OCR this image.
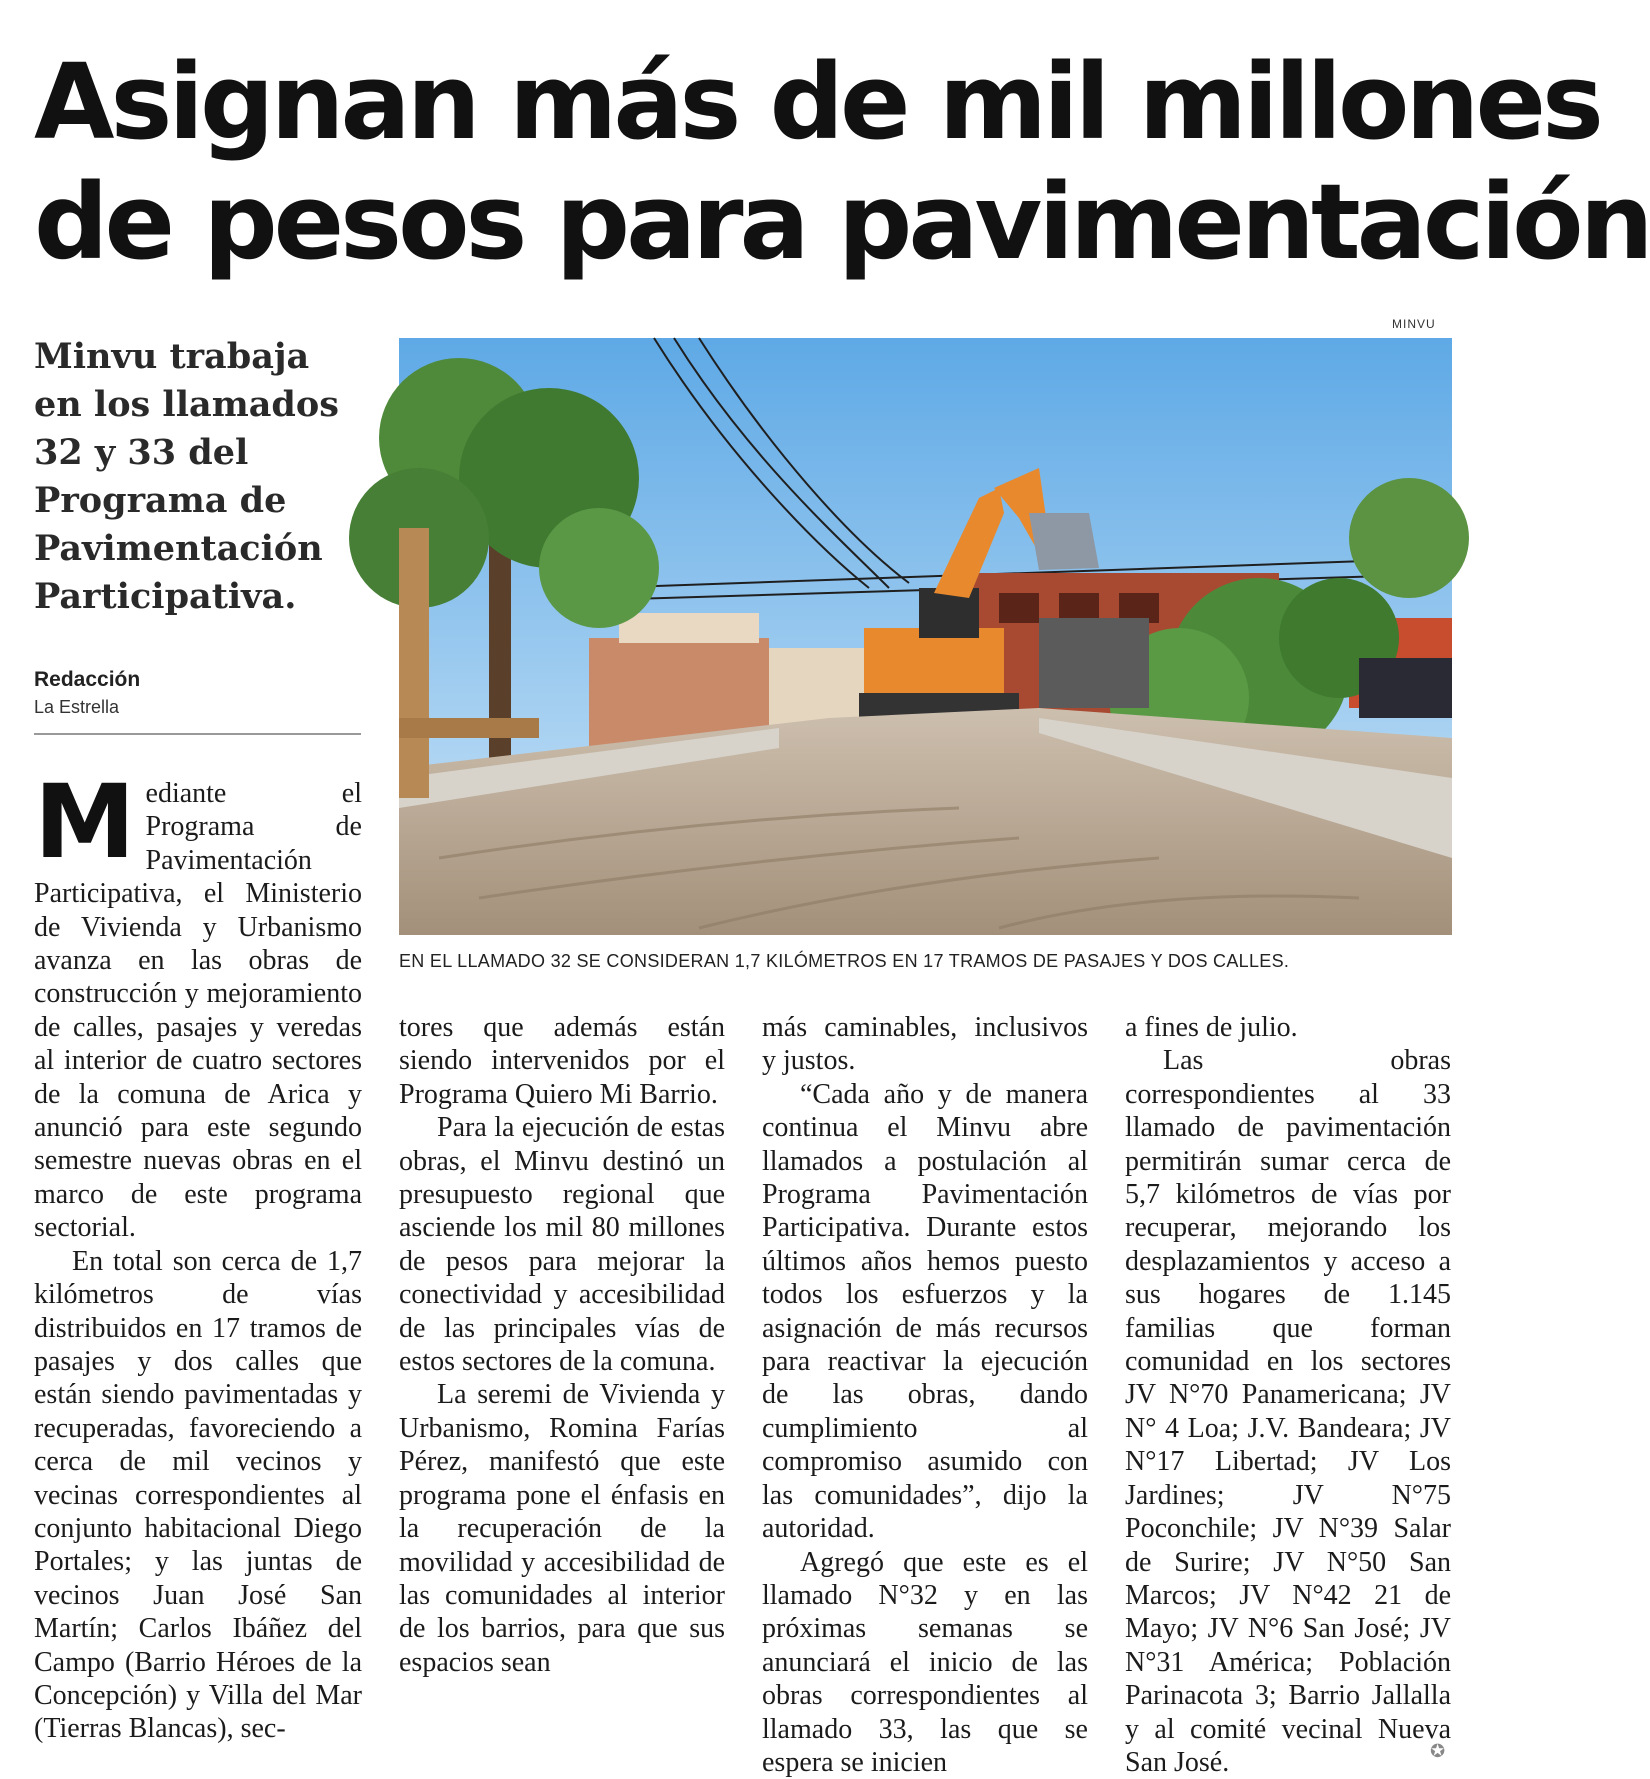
Asignan más de mil millones
de pesos para pavimentación
MINVU
Minvu trabaja
en los llamados
32 y 33 del
Programa de
Pavimentación
Participativa.
Redacción
La Estrella
EN EL LLAMADO 32 SE CONSIDERAN 1,7 KILÓMETROS EN 17 TRAMOS DE PASAJES Y DOS CALLES.

Mediante el Programa de Pavimentación Participativa, el Ministerio de Vivienda y Urbanismo avanza en las obras de construcción y mejoramiento de calles, pasajes y veredas al interior de cuatro sectores de la comuna de Arica y anunció para este segundo semestre nuevas obras en el marco de este programa sectorial.

En total son cerca de 1,7 kilómetros de vías distribuidos en 17 tramos de pasajes y dos calles que están siendo pavimentadas y recuperadas, favoreciendo a cerca de mil vecinos y vecinas correspondientes al conjunto habitacional Diego Portales; y las juntas de vecinos Juan José San Martín; Carlos Ibáñez del Campo (Barrio Héroes de la Concepción) y Villa del Mar (Tierras Blancas), sec-

tores que además están siendo intervenidos por el Programa Quiero Mi Barrio.

Para la ejecución de estas obras, el Minvu destinó un presupuesto regional que asciende los mil 80 millones de pesos para mejorar la conectividad y accesibilidad de las principales vías de estos sectores de la comuna.

La seremi de Vivienda y Urbanismo, Romina Farías Pérez, manifestó que este programa pone el énfasis en la recuperación de la movilidad y accesibilidad de las comunidades al interior de los barrios, para que sus espacios sean

más caminables, inclusivos y justos.

“Cada año y de manera continua el Minvu abre llamados a postulación al Programa Pavimentación Participativa. Durante estos últimos años hemos puesto todos los esfuerzos y la asignación de más recursos para reactivar la ejecución de las obras, dando cumplimiento al compromiso asumido con las comunidades”, dijo la autoridad.

Agregó que este es el llamado N°32 y en las próximas semanas se anunciará el inicio de las obras correspondientes al llamado 33, las que se espera se inicien

a fines de julio.

Las obras correspondientes al 33 llamado de pavimentación permitirán sumar cerca de 5,7 kilómetros de vías por recuperar, mejorando los desplazamientos y acceso a sus hogares de 1.145 familias que forman comunidad en los sectores JV N°70 Panamericana; JV N° 4 Loa; J.V. Bandeara; JV N°17 Libertad; JV Los Jardines; JV N°75 Poconchile; JV N°39 Salar de Surire; JV N°50 San Marcos; JV N°42 21 de Mayo; JV N°6 San José; JV N°31 América; Población Parinacota 3; Barrio Jallalla y al comité vecinal Nueva San José.	✪
